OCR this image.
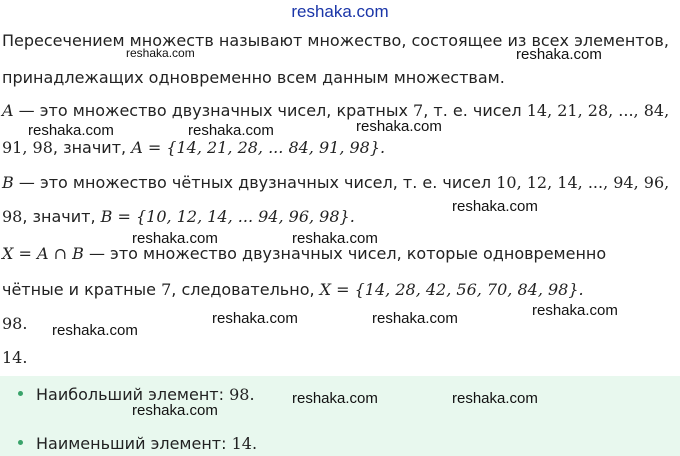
reshaka.com
Пересечением множеств называют множество, состоящее из всех элементов,
принадлежащих одновременно всем данным множествам.
A — это множество двузначных чисел, кратных 7, т. е. чисел 14, 21, 28, ..., 84,
91, 98, значит, A = {14, 21, 28, ... 84, 91, 98}.
B — это множество чётных двузначных чисел, т. е. чисел 10, 12, 14, ..., 94, 96,
98, значит, B = {10, 12, 14, ... 94, 96, 98}.
X = A ∩ B — это множество двузначных чисел, которые одновременно
чётные и кратные 7, следовательно, X = {14, 28, 42, 56, 70, 84, 98}.
98.
14.
Наибольший элемент: 98.
Наименьший элемент: 14.
reshaka.com	reshaka.com
reshaka.com
reshaka.com	reshaka.com
reshaka.com
reshaka.com	reshaka.com
reshaka.com
reshaka.com	reshaka.com
reshaka.com
reshaka.com	reshaka.com
reshaka.com
